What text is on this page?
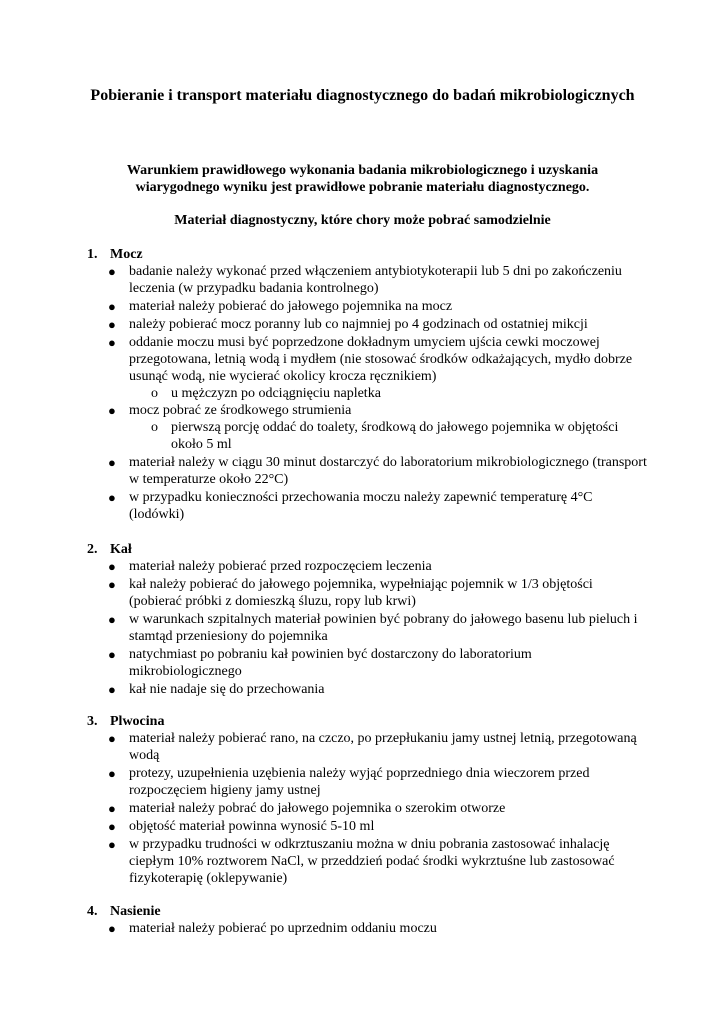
Pobieranie i transport materiału diagnostycznego do badań mikrobiologicznych

Warunkiem prawidłowego wykonania badania mikrobiologicznego i uzyskania wiarygodnego wyniku jest prawidłowe pobranie materiału diagnostycznego.

Materiał diagnostyczny, które chory może pobrać samodzielnie

1. Mocz
● badanie należy wykonać przed włączeniem antybiotykoterapii lub 5 dni po zakończeniu leczenia (w przypadku badania kontrolnego)
● materiał należy pobierać do jałowego pojemnika na mocz
● należy pobierać mocz poranny lub co najmniej po 4 godzinach od ostatniej mikcji
● oddanie moczu musi być poprzedzone dokładnym umyciem ujścia cewki moczowej przegotowana, letnią wodą i mydłem (nie stosować środków odkażających, mydło dobrze usunąć wodą, nie wycierać okolicy krocza ręcznikiem)
o u mężczyzn po odciągnięciu napletka
● mocz pobrać ze środkowego strumienia
o pierwszą porcję oddać do toalety, środkową do jałowego pojemnika w objętości około 5 ml
● materiał należy w ciągu 30 minut dostarczyć do laboratorium mikrobiologicznego (transport w temperaturze około 22°C)
● w przypadku konieczności przechowania moczu należy zapewnić temperaturę 4°C (lodówki)
2. Kał
● materiał należy pobierać przed rozpoczęciem leczenia
● kał należy pobierać do jałowego pojemnika, wypełniając pojemnik w 1/3 objętości (pobierać próbki z domieszką śluzu, ropy lub krwi)
● w warunkach szpitalnych materiał powinien być pobrany do jałowego basenu lub pieluch i stamtąd przeniesiony do pojemnika
● natychmiast po pobraniu kał powinien być dostarczony do laboratorium mikrobiologicznego
● kał nie nadaje się do przechowania
3. Plwocina
● materiał należy pobierać rano, na czczo, po przepłukaniu jamy ustnej letnią, przegotowaną wodą
● protezy, uzupełnienia uzębienia należy wyjąć poprzedniego dnia wieczorem przed rozpoczęciem higieny jamy ustnej
● materiał należy pobrać do jałowego pojemnika o szerokim otworze
● objętość materiał powinna wynosić 5-10 ml
● w przypadku trudności w odkrztuszaniu można w dniu pobrania zastosować inhalację ciepłym 10% roztworem NaCl, w przeddzień podać środki wykrztuśne lub zastosować fizykoterapię (oklepywanie)
4. Nasienie
● materiał należy pobierać po uprzednim oddaniu moczu
